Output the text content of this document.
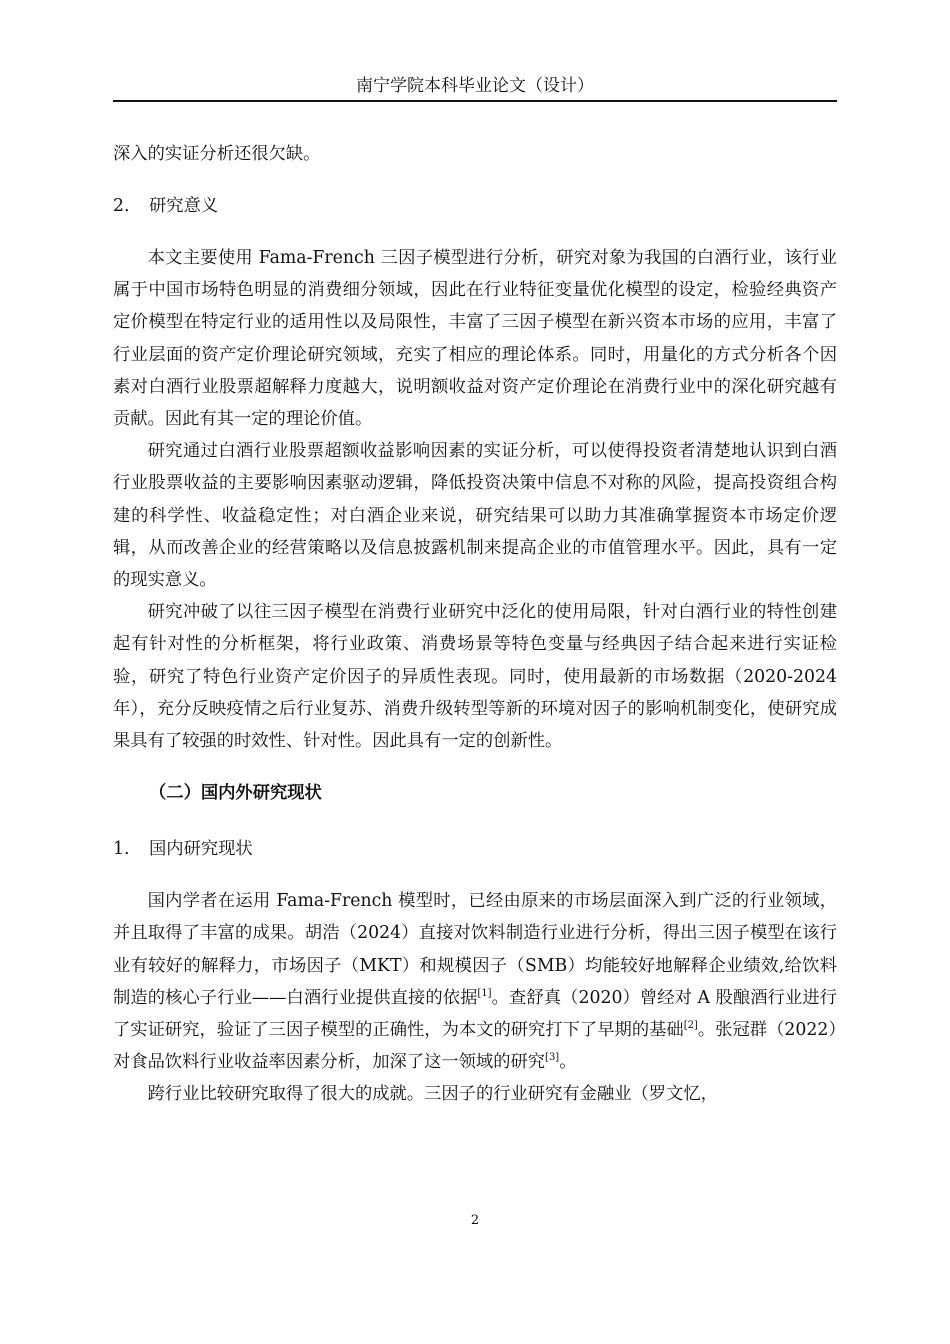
南宁学院本科毕业论文（设计）

深入的实证分析还很欠缺。

2.	研究意义

本文主要使用 Fama-French 三因子模型进行分析，研究对象为我国的白酒行业，该行业属于中国市场特色明显的消费细分领域，因此在行业特征变量优化模型的设定，检验经典资产定价模型在特定行业的适用性以及局限性，丰富了三因子模型在新兴资本市场的应用，丰富了行业层面的资产定价理论研究领域，充实了相应的理论体系。同时，用量化的方式分析各个因素对白酒行业股票超解释力度越大，说明额收益对资产定价理论在消费行业中的深化研究越有贡献。因此有其一定的理论价值。

研究通过白酒行业股票超额收益影响因素的实证分析，可以使得投资者清楚地认识到白酒行业股票收益的主要影响因素驱动逻辑，降低投资决策中信息不对称的风险，提高投资组合构建的科学性、收益稳定性；对白酒企业来说，研究结果可以助力其准确掌握资本市场定价逻辑，从而改善企业的经营策略以及信息披露机制来提高企业的市值管理水平。因此，具有一定的现实意义。

研究冲破了以往三因子模型在消费行业研究中泛化的使用局限，针对白酒行业的特性创建起有针对性的分析框架，将行业政策、消费场景等特色变量与经典因子结合起来进行实证检验，研究了特色行业资产定价因子的异质性表现。同时，使用最新的市场数据（2020-2024 年），充分反映疫情之后行业复苏、消费升级转型等新的环境对因子的影响机制变化，使研究成果具有了较强的时效性、针对性。因此具有一定的创新性。

（二）国内外研究现状

1.	国内研究现状

国内学者在运用 Fama-French 模型时，已经由原来的市场层面深入到广泛的行业领域，并且取得了丰富的成果。胡浩（2024）直接对饮料制造行业进行分析，得出三因子模型在该行业有较好的解释力，市场因子（MKT）和规模因子（SMB）均能较好地解释企业绩效,给饮料制造的核心子行业——白酒行业提供直接的依据[1]。查舒真（2020）曾经对 A 股酿酒行业进行了实证研究，验证了三因子模型的正确性，为本文的研究打下了早期的基础[2]。张冠群（2022）对食品饮料行业收益率因素分析，加深了这一领域的研究[3]。

跨行业比较研究取得了很大的成就。三因子的行业研究有金融业（罗文忆，

2
